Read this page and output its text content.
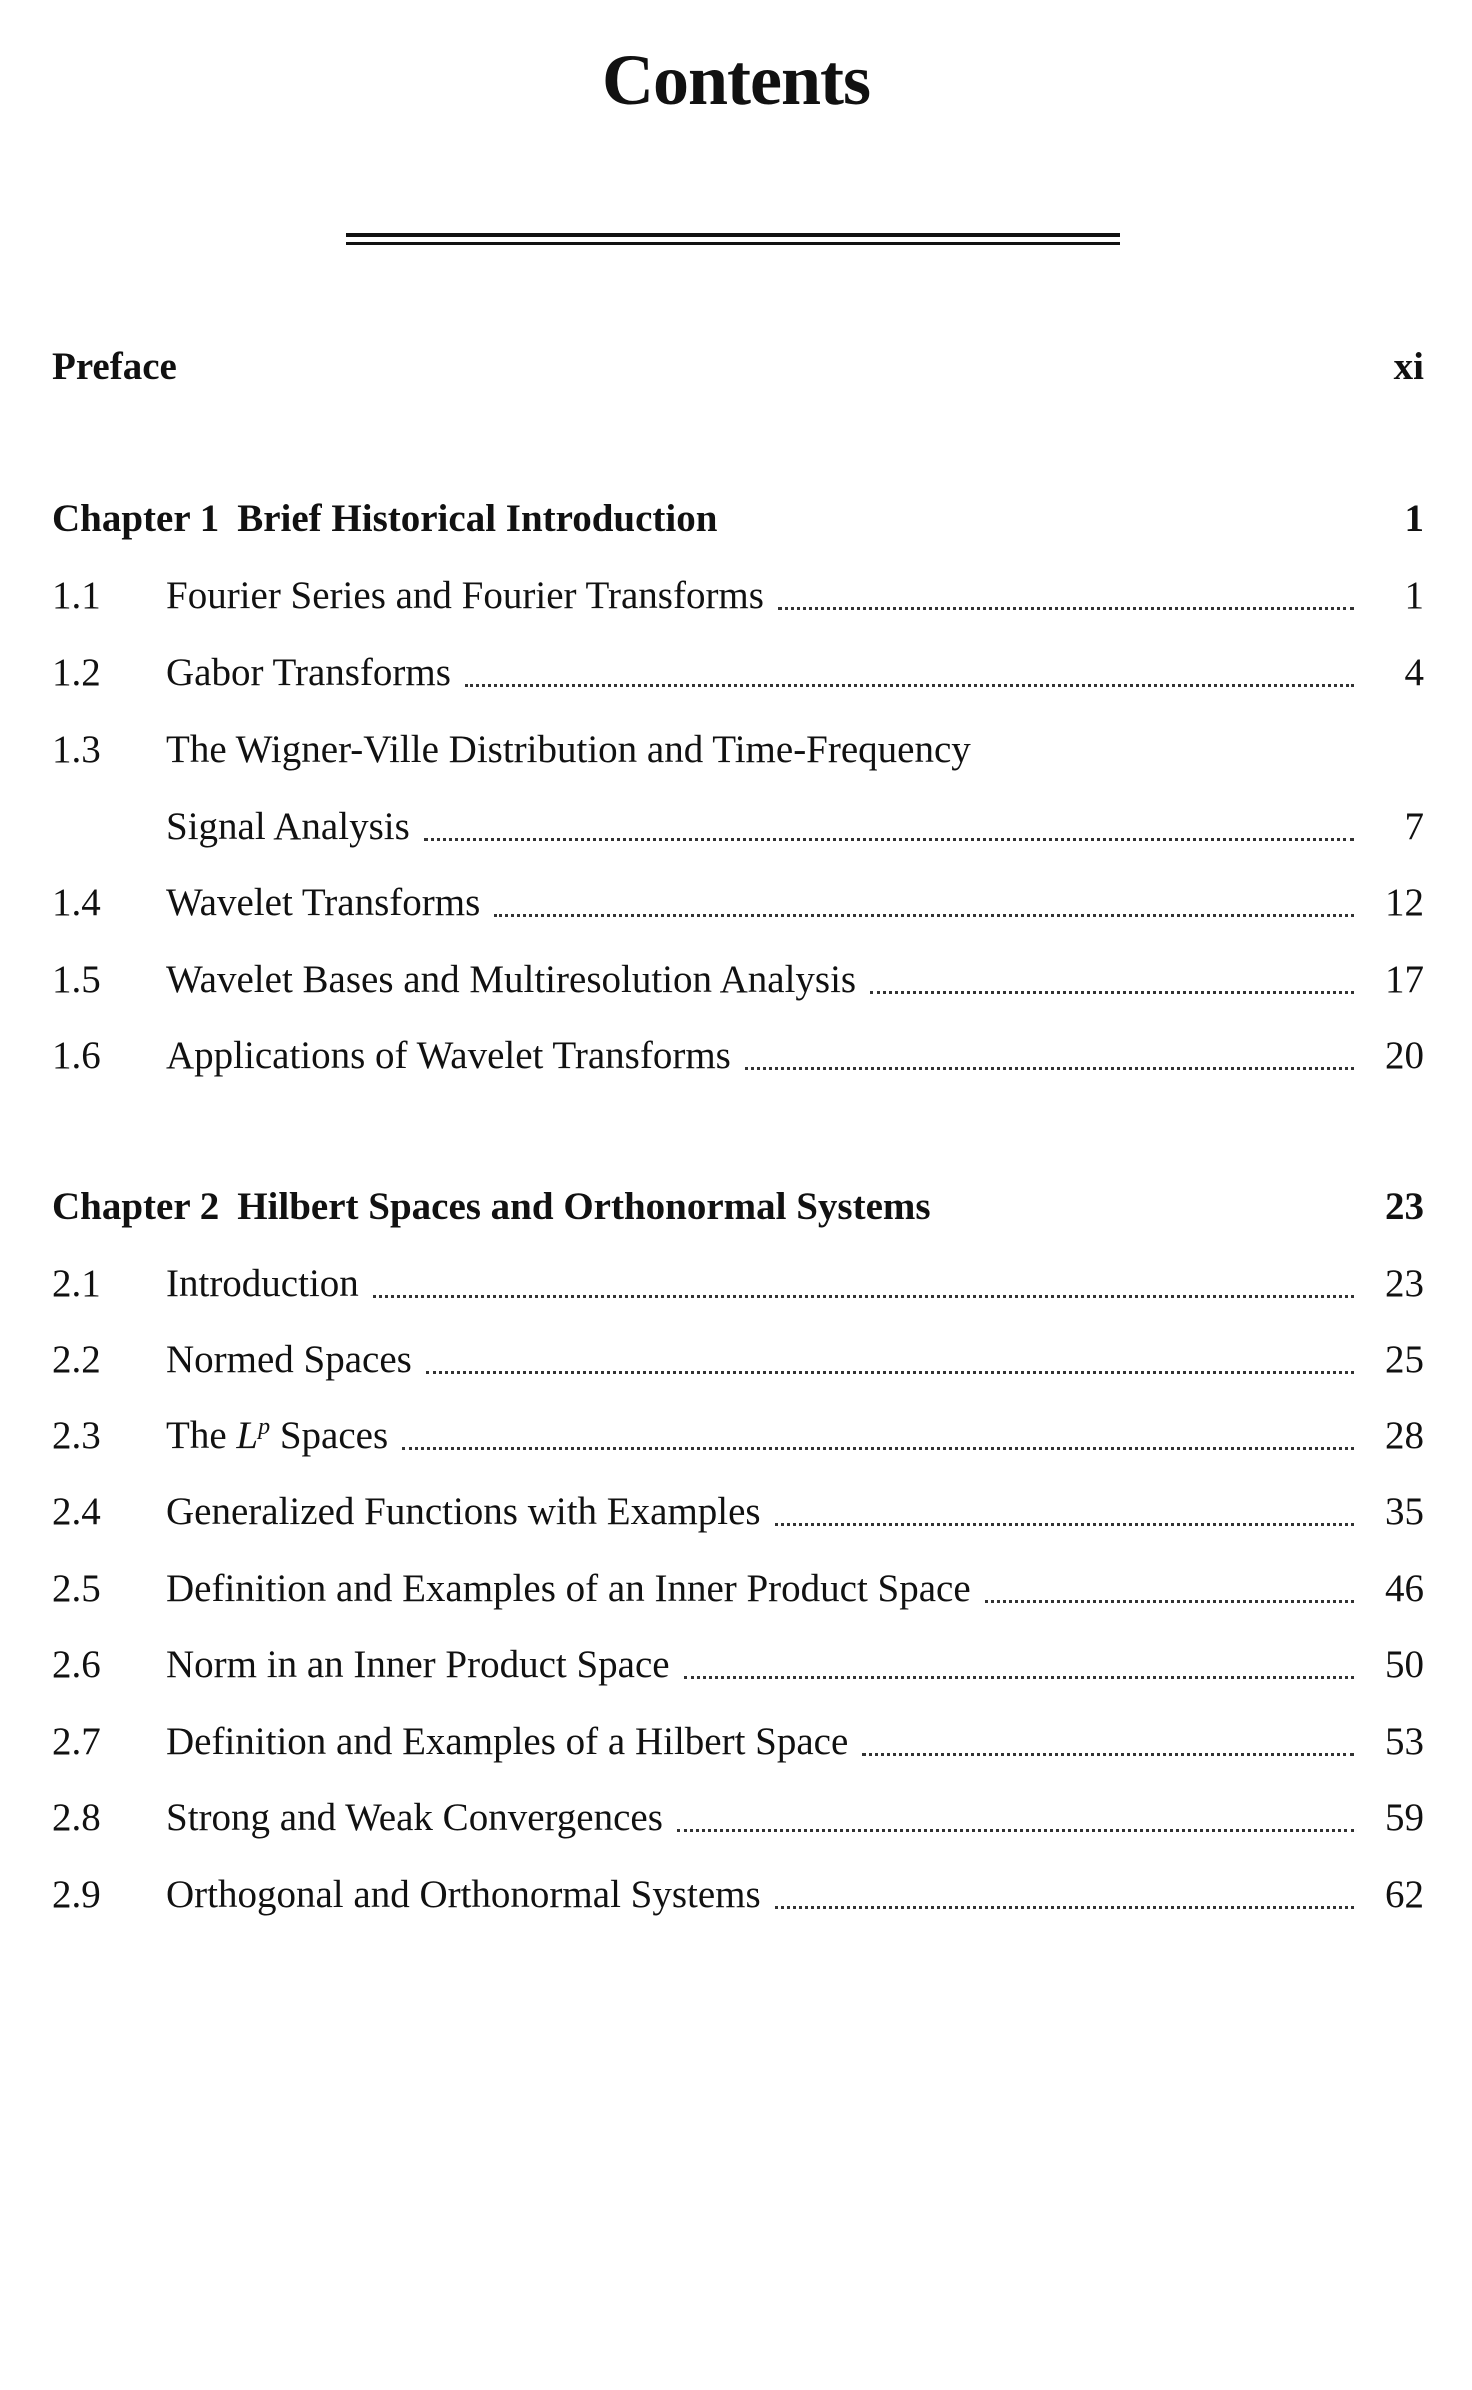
Contents
Preface	xi
Chapter 1 Brief Historical Introduction	1
1.1	Fourier Series and Fourier Transforms	1
1.2	Gabor Transforms	4
1.3	The Wigner-Ville Distribution and Time-Frequency
Signal Analysis	7
1.4	Wavelet Transforms	12
1.5	Wavelet Bases and Multiresolution Analysis	17
1.6	Applications of Wavelet Transforms	20
Chapter 2 Hilbert Spaces and Orthonormal Systems	23
2.1	Introduction	23
2.2	Normed Spaces	25
2.3	The $L^p$ Spaces	28
2.4	Generalized Functions with Examples	35
2.5	Definition and Examples of an Inner Product Space	46
2.6	Norm in an Inner Product Space	50
2.7	Definition and Examples of a Hilbert Space	53
2.8	Strong and Weak Convergences	59
2.9	Orthogonal and Orthonormal Systems	62
